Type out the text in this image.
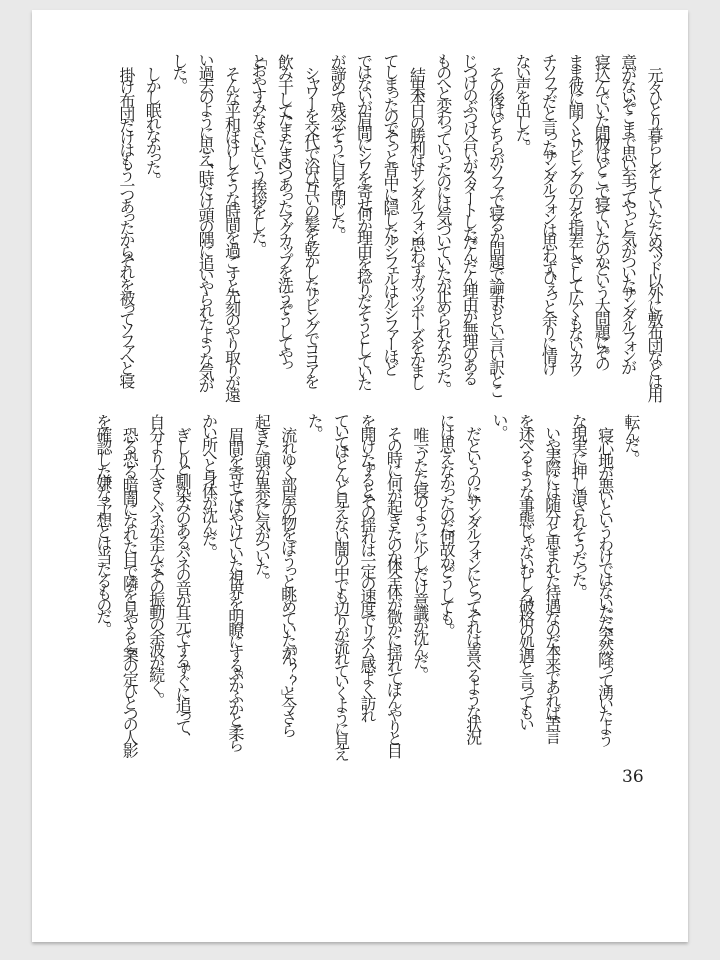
　元々ひとり暮らしをしていたため、ベッド以外に敷布団などは用
意がない。そこまで思い至って、やっと気がついた。サンダルフォンが
寝込んでいた間、彼はどこで寝ていたのか、という大問題に。その
まま彼に聞くと、リビングの方を指差し、さして広くもないカウ
チソファだと言った。サンダルフォンは思わず、ひぇっと余りに情け
ない声を出した。
　その後はどちらがソファで寝るか問題で論争、もとい言い訳とこ
じつけのぶつけ合いがスタートした。だんだん理由が無理のある
ものへと変わっていったのには気づいていたが、止められなかった。
　結果、本日の勝利はサンダルフォン。思わずガッツポーズをかまし
てしまったので、そっと背中に隠した。ルシフェルはルシファーほど
ではないが眉間にシワを寄せ、何か理由を捻りだそうとしていた
が諦めて残念そうに目を閉じた。
　シャワーを交代で浴び、互いの髪を乾かした。リビングでココアを
飲み干して、たまたま2つあったマグカップを洗う。そうしてやっ
と「おやすみなさい」という挨拶をした。
　そんな平和ぼけしそうな時間を過ごすと、先刻のやり取りが遠
い過去のように思え、一時だけ頭の隅に追いやられたような気が
した。
　しかし眠れなかった。
　掛け布団だけはもう一つあったから、それを被ってソファへと寝
転んだ。
　寝心地が悪いというわけではない。ただ、突然降って湧いたよう
な現実に押し潰されそうだった。
　いや、実際には随分と恵まれた待遇なのだ。本来であれば、苦言
を述べるような事態じゃない。むしろ、破格の処遇と言ってもい
い。
　だというのに、サンダルフォンにとって、それは喜べるような状況
には思えなかったのだ。何故か。どうしても。
　唯一、うたた寝のように少しだけ意識が沈んだ。
　その時に何が起きたのか、体全体が微かに揺れてぼんやりと目
を開けた。すると、その揺れは一定の速度でリズム感よく訪れ
ていて、ほとんど見えない闇の中でも辺りが流れていくように見え
た。
　流れゆく部屋の物をぼうっと眺めていたが、「ん？？」と今さら
起きた頭が異変に気がついた。
　眉間を寄せて、ぼやけていた視界を明瞭にする。ふかふかと柔ら
かい所へと身体が沈んだ。
　ぎしり、と馴染みのあるバネの音が耳元でする。すぐに追って、
自分より大きくバネが歪んで、その振動の余波が続く。
　恐る恐る暗闇になれた目で隣を見やると、案の定ひとつの人影
を確認した。嫌な予想とは当たるものだ。
36
